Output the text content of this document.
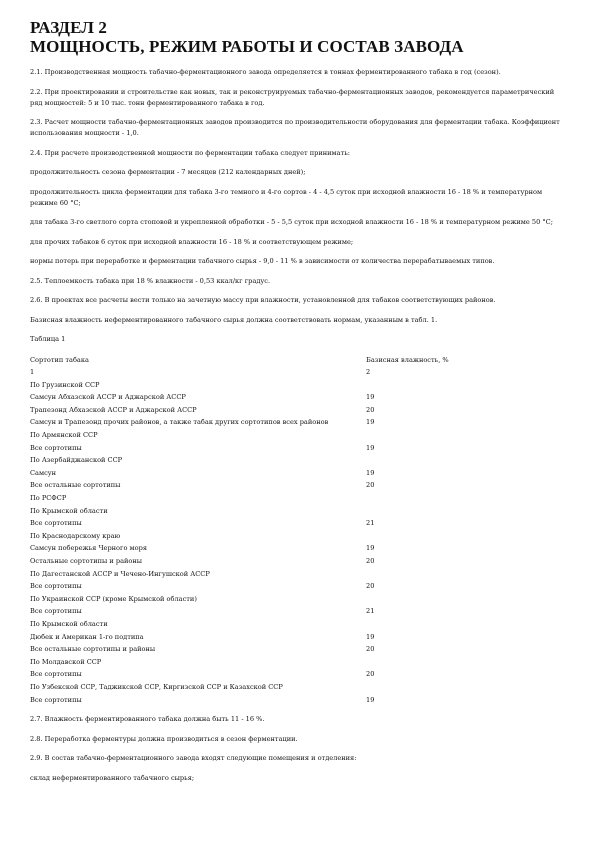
РАЗДЕЛ 2
МОЩНОСТЬ, РЕЖИМ РАБОТЫ И СОСТАВ ЗАВОДА

2.1. Производственная мощность табачно-ферментационного завода определяется в тоннах ферментированного табака в год (сезон).

2.2. При проектировании и строительстве как новых, так и реконструируемых табачно-ферментационных заводов, рекомендуется параметрический ряд мощностей: 5 и 10 тыс. тонн ферментированного табака в год.

2.3. Расчет мощности табачно-ферментационных заводов производится по производительности оборудования для ферментации табака. Коэффициент использования мощности - 1,0.

2.4. При расчете производственной мощности по ферментации табака следует принимать:

продолжительность сезона ферментации - 7 месяцев (212 календарных дней);

продолжительность цикла ферментации для табака 3-го темного и 4-го сортов - 4 - 4,5 суток при исходной влажности 16 - 18 % и температурном режиме 60 °С;

для табака 3-го светлого сорта стоповой и укрепленной обработки - 5 - 5,5 суток при исходной влажности 16 - 18 % и температурном режиме 50 °С;

для прочих табаков 6 суток при исходной влажности 16 - 18 % и соответствующем режиме;

нормы потерь при переработке и ферментации табачного сырья - 9,0 - 11 % в зависимости от количества перерабатываемых типов.

2.5. Теплоемкость табака при 18 % влажности - 0,53 ккал/кг градус.

2.6. В проектах все расчеты вести только на зачетную массу при влажности, установленной для табаков соответствующих районов.

Базисная влажность неферментированного табачного сырья должна соответствовать нормам, указанным в табл. 1.

Таблица 1

Сортотип табака	Базисная влажность, %
1	2
По Грузинской ССР
Самсун Абхазской АССР и Аджарской АССР	19
Трапезонд Абхазской АССР и Аджарской АССР	20
Самсун и Трапезонд прочих районов, а также табак других сортотипов всех районов	19
По Армянской ССР
Все сортотипы	19
По Азербайджанской ССР
Самсун	19
Все остальные сортотипы	20
По РСФСР
По Крымской области
Все сортотипы	21
По Краснодарскому краю
Самсун побережья Черного моря	19
Остальные сортотипы и районы	20
По Дагестанской АССР и Чечено-Ингушской АССР
Все сортотипы	20
По Украинской ССР (кроме Крымской области)
Все сортотипы	21
По Крымской области
Дюбек и Американ 1-го подтипа	19
Все остальные сортотипы и районы	20
По Молдавской ССР
Все сортотипы	20
По Узбекской ССР, Таджикской ССР, Киргизской ССР и Казахской ССР
Все сортотипы	19

2.7. Влажность ферментированного табака должна быть 11 - 16 %.

2.8. Переработка ферментуры должна производиться в сезон ферментации.

2.9. В состав табачно-ферментационного завода входят следующие помещения и отделения:

склад неферментированного табачного сырья;
